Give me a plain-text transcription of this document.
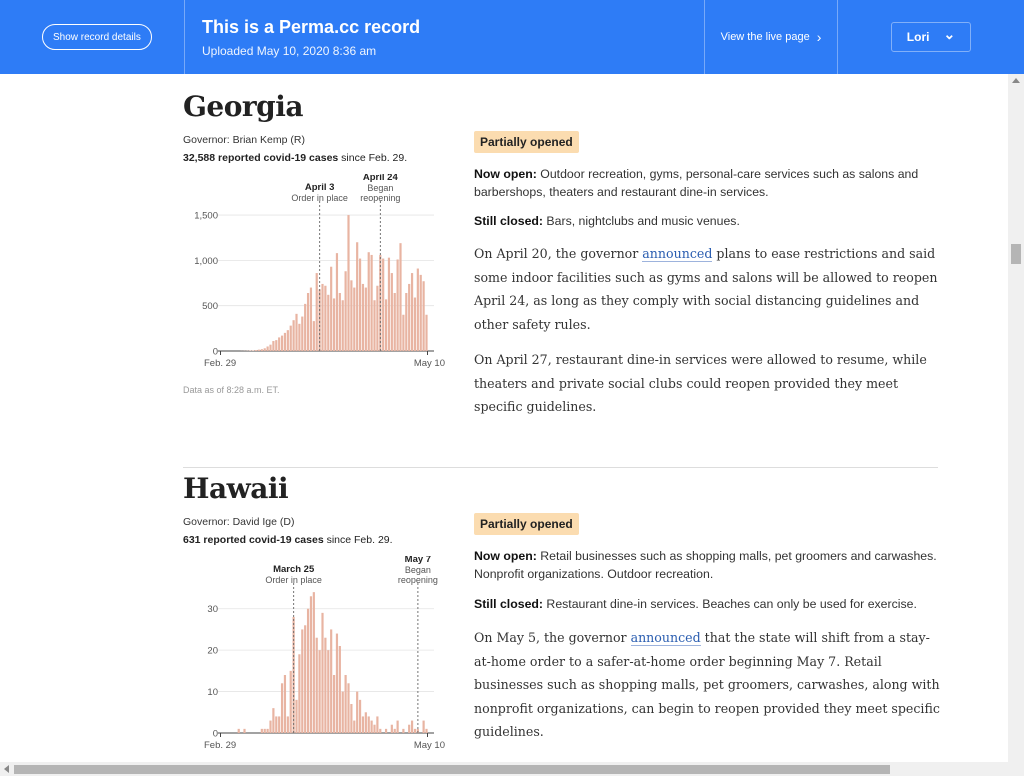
Show record details
This is a Perma.cc record
Uploaded May 10, 2020 8:36 am
View the live page ›	Lori ⌄
Georgia
Governor: Brian Kemp (R)
32,588 reported covid-19 cases since Feb. 29.
0
500
1,000
1,500
April 3
Order in place
April 24
Began
reopening
Feb. 29	May 10
Data as of 8:28 a.m. ET.
Partially opened
Now open: Outdoor recreation, gyms, personal-care services such as salons and barbershops, theaters and restaurant dine-in services.
Still closed: Bars, nightclubs and music venues.
On April 20, the governor announced plans to ease restrictions and said some indoor facilities such as gyms and salons will be allowed to reopen April 24, as long as they comply with social distancing guidelines and other safety rules.
On April 27, restaurant dine-in services were allowed to resume, while theaters and private social clubs could reopen provided they meet specific guidelines.
Hawaii
Governor: David Ige (D)
631 reported covid-19 cases since Feb. 29.
0
10
20
30
March 25
Order in place
May 7
Began
reopening
Feb. 29	May 10
Partially opened
Now open: Retail businesses such as shopping malls, pet groomers and carwashes. Nonprofit organizations. Outdoor recreation.
Still closed: Restaurant dine-in services. Beaches can only be used for exercise.
On May 5, the governor announced that the state will shift from a stay-at-home order to a safer-at-home order beginning May 7. Retail businesses such as shopping malls, pet groomers, carwashes, along with nonprofit organizations, can begin to reopen provided they meet specific guidelines.
